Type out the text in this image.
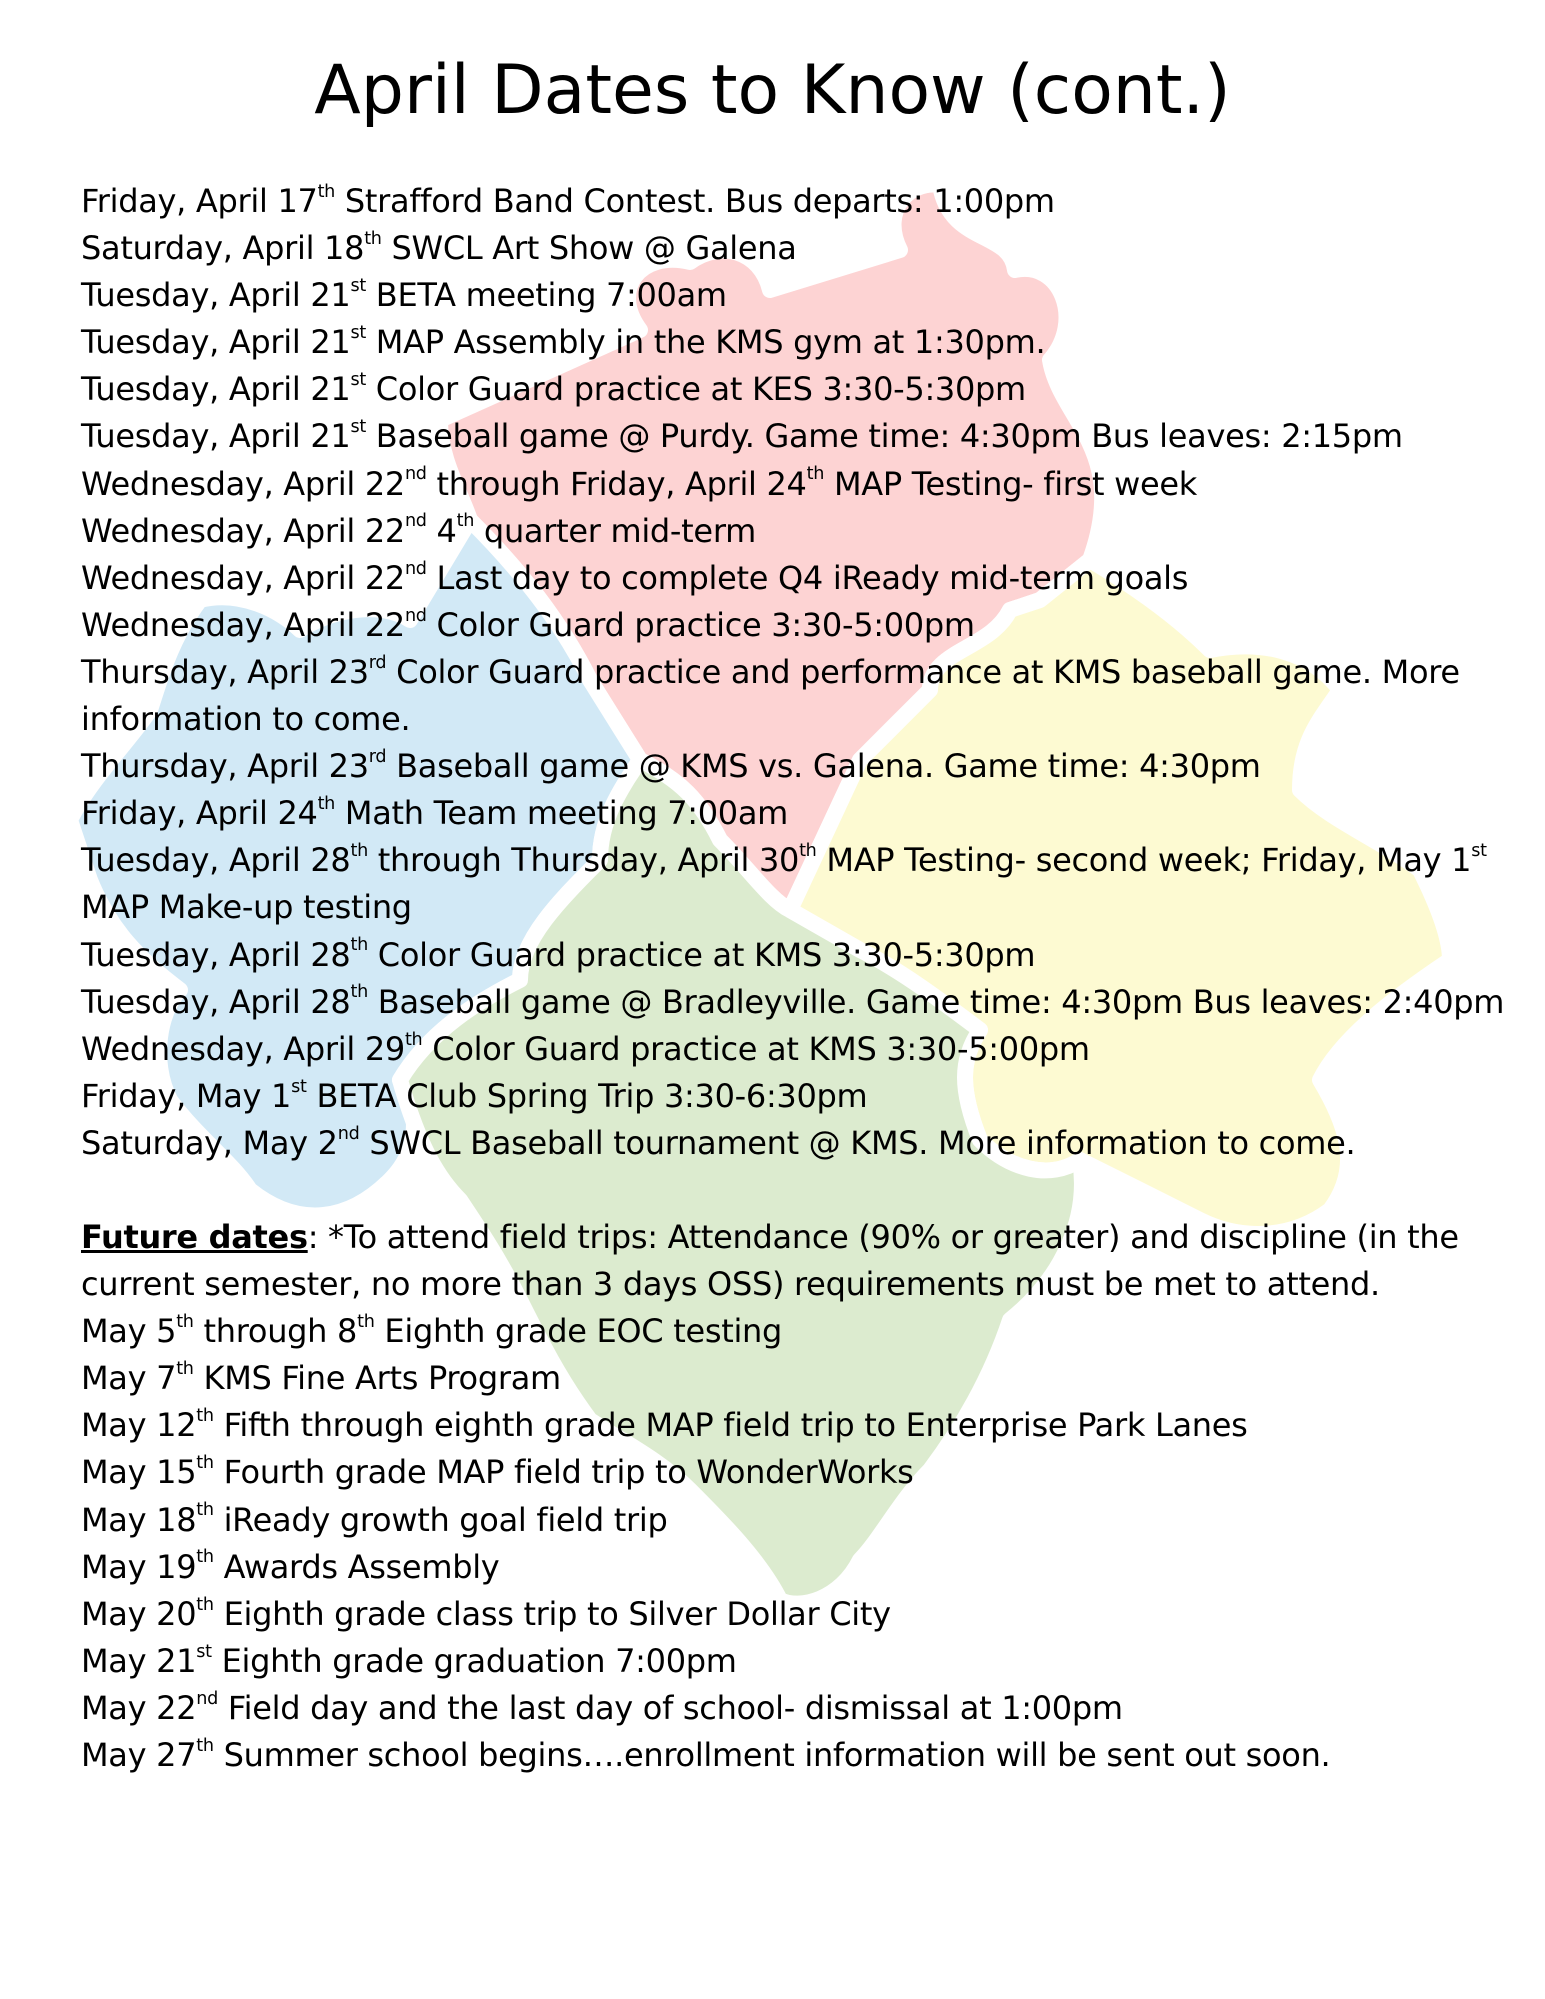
April Dates to Know (cont.)
Friday, April 17th Strafford Band Contest. Bus departs: 1:00pm
Saturday, April 18th SWCL Art Show @ Galena
Tuesday, April 21st BETA meeting 7:00am
Tuesday, April 21st MAP Assembly in the KMS gym at 1:30pm.
Tuesday, April 21st Color Guard practice at KES 3:30-5:30pm
Tuesday, April 21st Baseball game @ Purdy. Game time: 4:30pm Bus leaves: 2:15pm
Wednesday, April 22nd through Friday, April 24th MAP Testing- first week
Wednesday, April 22nd 4th quarter mid-term
Wednesday, April 22nd Last day to complete Q4 iReady mid-term goals
Wednesday, April 22nd Color Guard practice 3:30-5:00pm
Thursday, April 23rd Color Guard practice and performance at KMS baseball game. More information to come.
Thursday, April 23rd Baseball game @ KMS vs. Galena. Game time: 4:30pm
Friday, April 24th Math Team meeting 7:00am
Tuesday, April 28th through Thursday, April 30th MAP Testing- second week; Friday, May 1st MAP Make-up testing
Tuesday, April 28th Color Guard practice at KMS 3:30-5:30pm
Tuesday, April 28th Baseball game @ Bradleyville. Game time: 4:30pm Bus leaves: 2:40pm
Wednesday, April 29th Color Guard practice at KMS 3:30-5:00pm
Friday, May 1st BETA Club Spring Trip 3:30-6:30pm
Saturday, May 2nd SWCL Baseball tournament @ KMS. More information to come.
Future dates: *To attend field trips: Attendance (90% or greater) and discipline (in the current semester, no more than 3 days OSS) requirements must be met to attend.
May 5th through 8th Eighth grade EOC testing
May 7th KMS Fine Arts Program
May 12th Fifth through eighth grade MAP field trip to Enterprise Park Lanes
May 15th Fourth grade MAP field trip to WonderWorks
May 18th iReady growth goal field trip
May 19th Awards Assembly
May 20th Eighth grade class trip to Silver Dollar City
May 21st Eighth grade graduation 7:00pm
May 22nd Field day and the last day of school- dismissal at 1:00pm
May 27th Summer school begins….enrollment information will be sent out soon.
